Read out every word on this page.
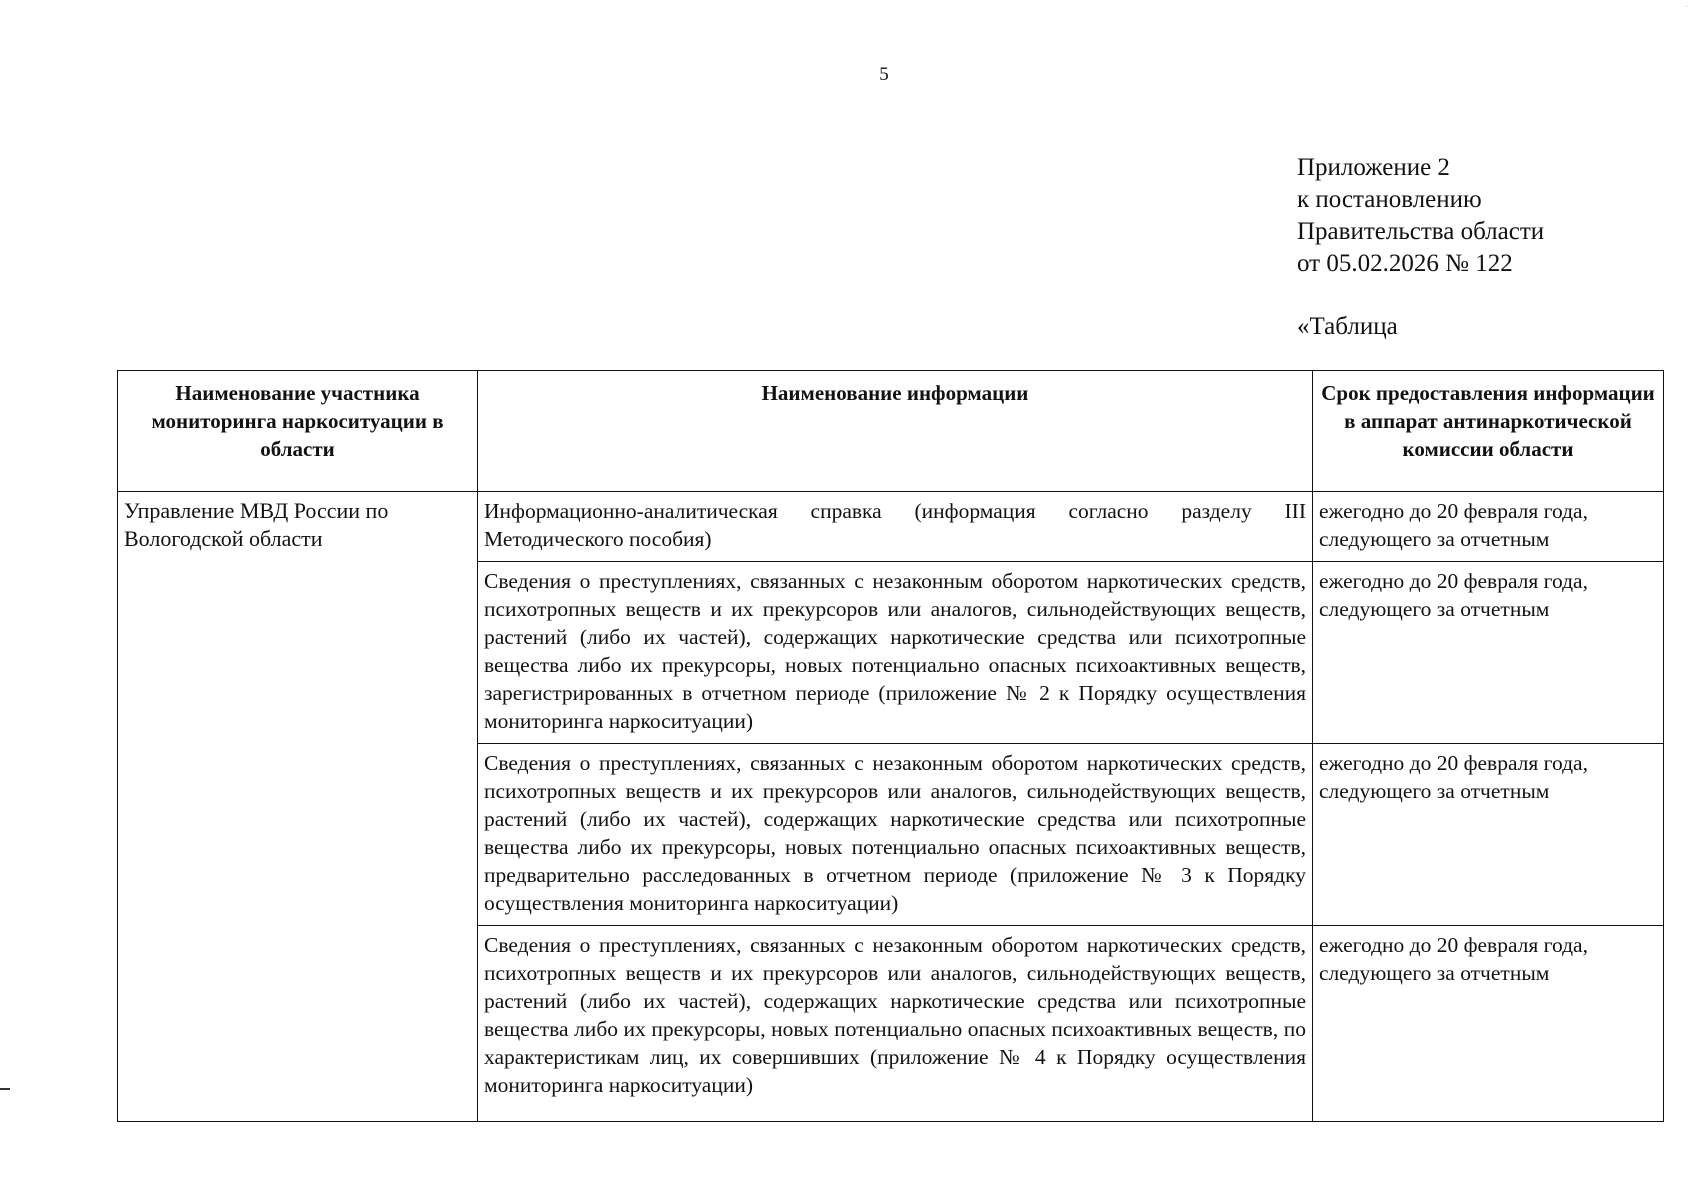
5
Приложение 2
к постановлению
Правительства области
от 05.02.2026 № 122
«Таблица
Наименование участника мониторинга наркоситуации в области	Наименование информации	Срок предоставления информации в аппарат антинаркотической комиссии области
Управление МВД России по Вологодской области	Информационно-аналитическая справка (информация согласно разделу III Методического пособия)	ежегодно до 20 февраля года, следующего за отчетным
	Сведения о преступлениях, связанных с незаконным оборотом наркотических средств, психотропных веществ и их прекурсоров или аналогов, сильнодействующих веществ, растений (либо их частей), содержащих наркотические средства или психотропные вещества либо их прекурсоры, новых потенциально опасных психоактивных веществ, зарегистрированных в отчетном периоде (приложение № 2 к Порядку осуществления мониторинга наркоситуации)	ежегодно до 20 февраля года, следующего за отчетным
	Сведения о преступлениях, связанных с незаконным оборотом наркотических средств, психотропных веществ и их прекурсоров или аналогов, сильнодействующих веществ, растений (либо их частей), содержащих наркотические средства или психотропные вещества либо их прекурсоры, новых потенциально опасных психоактивных веществ, предварительно расследованных в отчетном периоде (приложение № 3 к Порядку осуществления мониторинга наркоситуации)	ежегодно до 20 февраля года, следующего за отчетным
	Сведения о преступлениях, связанных с незаконным оборотом наркотических средств, психотропных веществ и их прекурсоров или аналогов, сильнодействующих веществ, растений (либо их частей), содержащих наркотические средства или психотропные вещества либо их прекурсоры, новых потенциально опасных психоактивных веществ, по характеристикам лиц, их совершивших (приложение № 4 к Порядку осуществления мониторинга наркоситуации)	ежегодно до 20 февраля года, следующего за отчетным
